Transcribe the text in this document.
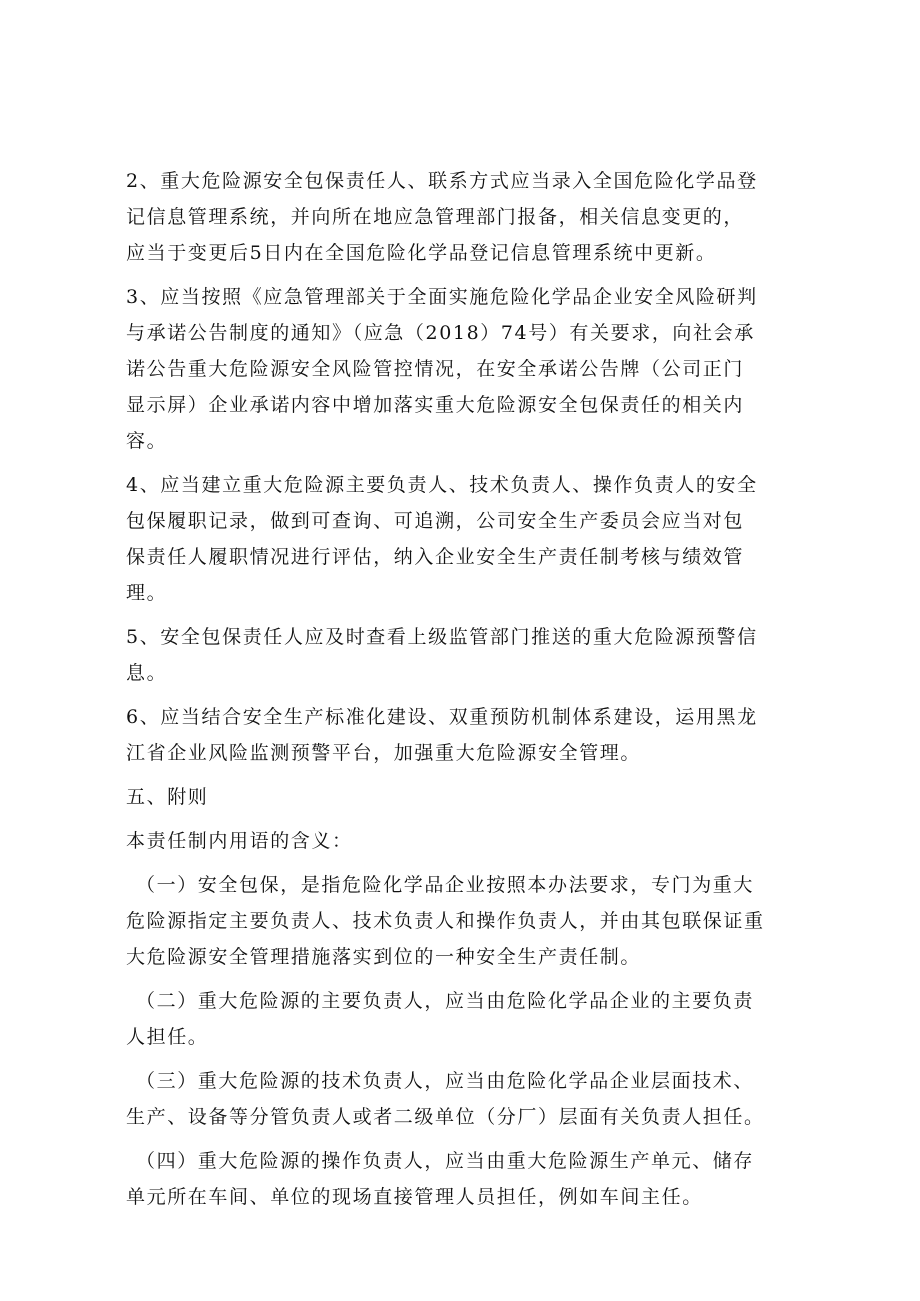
2、重大危险源安全包保责任人、联系方式应当录入全国危险化学品登
记信息管理系统，并向所在地应急管理部门报备，相关信息变更的，
应当于变更后5日内在全国危险化学品登记信息管理系统中更新。

3、应当按照《应急管理部关于全面实施危险化学品企业安全风险研判
与承诺公告制度的通知》（应急（2018）74号）有关要求，向社会承
诺公告重大危险源安全风险管控情况，在安全承诺公告牌（公司正门
显示屏）企业承诺内容中增加落实重大危险源安全包保责任的相关内
容。

4、应当建立重大危险源主要负责人、技术负责人、操作负责人的安全
包保履职记录，做到可查询、可追溯，公司安全生产委员会应当对包
保责任人履职情况进行评估，纳入企业安全生产责任制考核与绩效管
理。

5、安全包保责任人应及时查看上级监管部门推送的重大危险源预警信
息。

6、应当结合安全生产标准化建设、双重预防机制体系建设，运用黑龙
江省企业风险监测预警平台，加强重大危险源安全管理。

五、附则

本责任制内用语的含义：

（一）安全包保，是指危险化学品企业按照本办法要求，专门为重大
危险源指定主要负责人、技术负责人和操作负责人，并由其包联保证重
大危险源安全管理措施落实到位的一种安全生产责任制。

（二）重大危险源的主要负责人，应当由危险化学品企业的主要负责
人担任。

（三）重大危险源的技术负责人，应当由危险化学品企业层面技术、
生产、设备等分管负责人或者二级单位（分厂）层面有关负责人担任。

（四）重大危险源的操作负责人，应当由重大危险源生产单元、储存
单元所在车间、单位的现场直接管理人员担任，例如车间主任。
